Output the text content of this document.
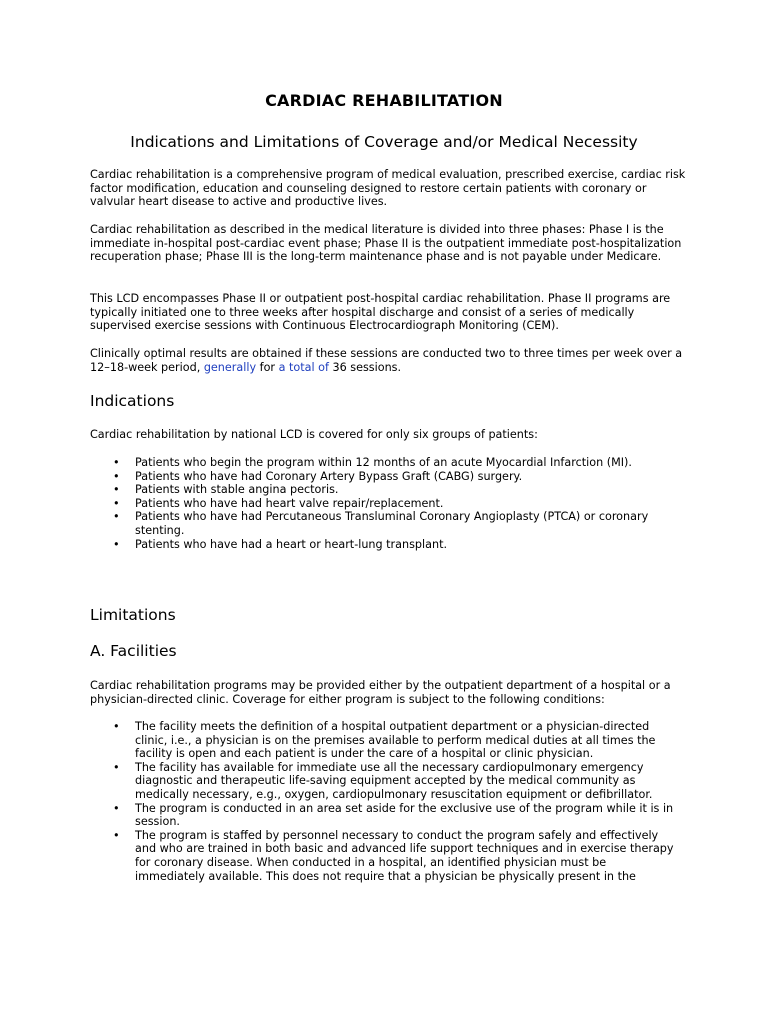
CARDIAC REHABILITATION
Indications and Limitations of Coverage and/or Medical Necessity

Cardiac rehabilitation is a comprehensive program of medical evaluation, prescribed exercise, cardiac risk factor modification, education and counseling designed to restore certain patients with coronary or valvular heart disease to active and productive lives.

Cardiac rehabilitation as described in the medical literature is divided into three phases: Phase I is the immediate in-hospital post-cardiac event phase; Phase II is the outpatient immediate post-hospitalization recuperation phase; Phase III is the long-term maintenance phase and is not payable under Medicare.

This LCD encompasses Phase II or outpatient post-hospital cardiac rehabilitation. Phase II programs are typically initiated one to three weeks after hospital discharge and consist of a series of medically supervised exercise sessions with Continuous Electrocardiograph Monitoring (CEM).

Clinically optimal results are obtained if these sessions are conducted two to three times per week over a 12–18-week period, generally for a total of 36 sessions.

Indications

Cardiac rehabilitation by national LCD is covered for only six groups of patients:

• Patients who begin the program within 12 months of an acute Myocardial Infarction (MI).
• Patients who have had Coronary Artery Bypass Graft (CABG) surgery.
• Patients with stable angina pectoris.
• Patients who have had heart valve repair/replacement.
• Patients who have had Percutaneous Transluminal Coronary Angioplasty (PTCA) or coronary stenting.
• Patients who have had a heart or heart-lung transplant.
Limitations
A. Facilities

Cardiac rehabilitation programs may be provided either by the outpatient department of a hospital or a physician-directed clinic. Coverage for either program is subject to the following conditions:

• The facility meets the definition of a hospital outpatient department or a physician-directed clinic, i.e., a physician is on the premises available to perform medical duties at all times the facility is open and each patient is under the care of a hospital or clinic physician.
• The facility has available for immediate use all the necessary cardiopulmonary emergency diagnostic and therapeutic life-saving equipment accepted by the medical community as medically necessary, e.g., oxygen, cardiopulmonary resuscitation equipment or defibrillator.
• The program is conducted in an area set aside for the exclusive use of the program while it is in session.
• The program is staffed by personnel necessary to conduct the program safely and effectively and who are trained in both basic and advanced life support techniques and in exercise therapy for coronary disease. When conducted in a hospital, an identified physician must be immediately available. This does not require that a physician be physically present in the
